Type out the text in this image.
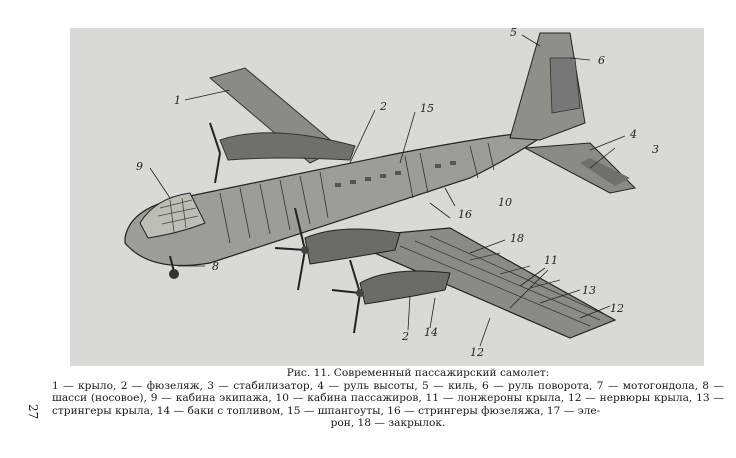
1	2
3
4
5
6
8
9
10
11
12
12
13
14
15
16
18
2
27
Рис. 11. Современный пассажирский самолет:
1 — крыло, 2 — фюзеляж, 3 — стабилизатор, 4 — руль высоты, 5 — киль, 6 — руль поворота, 7 — мотогондола, 8 — шасси (носовое), 9 — кабина экипажа, 10 — кабина пассажиров, 11 — лонжероны крыла, 12 — нервюры крыла, 13 — стрингеры крыла, 14 — баки с топливом, 15 — шпангоуты, 16 — стрингеры фюзеляжа, 17 — эле-
рон, 18 — закрылок.
